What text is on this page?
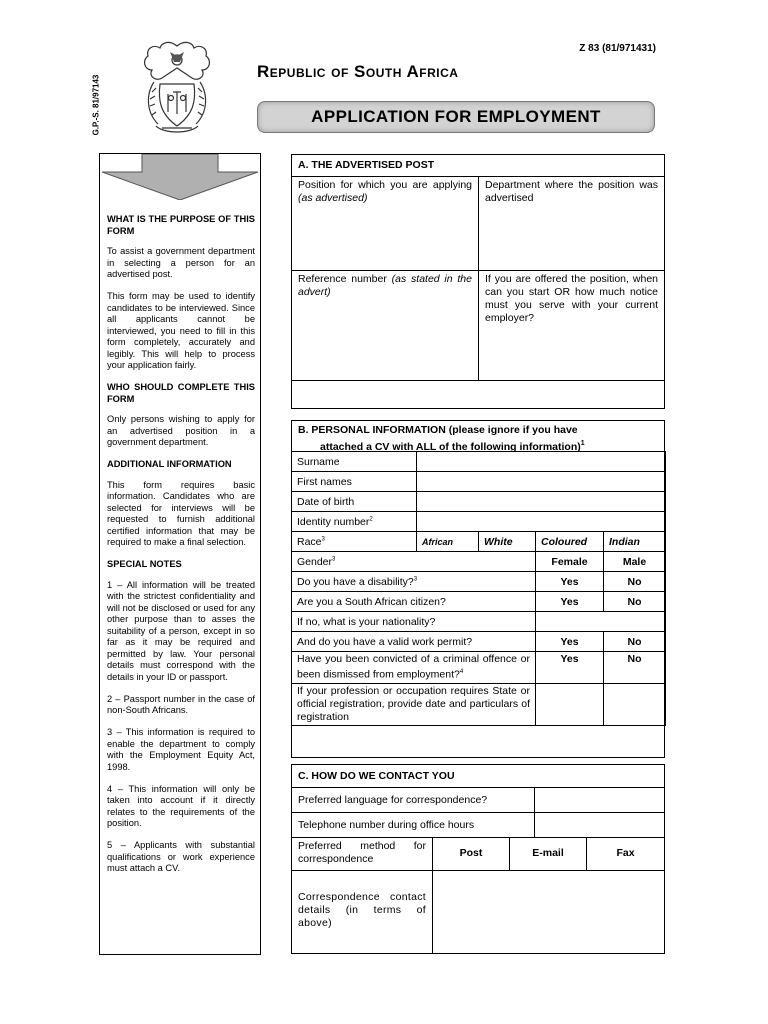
G.P.-S. 81/97143
Z 83 (81/971431)
Republic of South Africa
APPLICATION FOR EMPLOYMENT

WHAT IS THE PURPOSE OF THIS FORM

To assist a government department in selecting a person for an advertised post.

This form may be used to identify candidates to be interviewed. Since all applicants cannot be interviewed, you need to fill in this form completely, accurately and legibly. This will help to process your application fairly.

WHO SHOULD COMPLETE THIS FORM

Only persons wishing to apply for an advertised position in a government department.

ADDITIONAL INFORMATION

This form requires basic information. Candidates who are selected for interviews will be requested to furnish additional certified information that may be required to make a final selection.

SPECIAL NOTES

1 – All information will be treated with the strictest confidentiality and will not be disclosed or used for any other purpose than to asses the suitability of a person, except in so far as it may be required and permitted by law. Your personal details must correspond with the details in your ID or passport.

2 – Passport number in the case of non-South Africans.

3 – This information is required to enable the department to comply with the Employment Equity Act, 1998.

4 – This information will only be taken into account if it directly relates to the requirements of the position.

5 – Applicants with substantial qualifications or work experience must attach a CV.

A. THE ADVERTISED POST
Position for which you are applying (as advertised)
Department where the position was advertised
Reference number (as stated in the advert)
If you are offered the position, when can you start OR how much notice must you serve with your current employer?
B. PERSONAL INFORMATION (please ignore if you have
attached a CV with ALL of the following information)$^1$
Surname				
First names				
Date of birth				
Identity number$^2$	
Race$^3$	African	White	Coloured	Indian
Gender$^3$			Female	Male
Do you have a disability?$^3$			Yes	No
Are you a South African citizen?			Yes	No
If no, what is your nationality?				
And do you have a valid work permit?			Yes	No
Have you been convicted of a criminal offence or been dismissed from employment?$^4$			Yes	No
If your profession or occupation requires State or official registration, provide date and particulars of registration				
C. HOW DO WE CONTACT YOU
Preferred language for correspondence?
Telephone number during office hours
Preferred method for correspondence	Post	E-mail	Fax
Correspondence contact details (in terms of above)
